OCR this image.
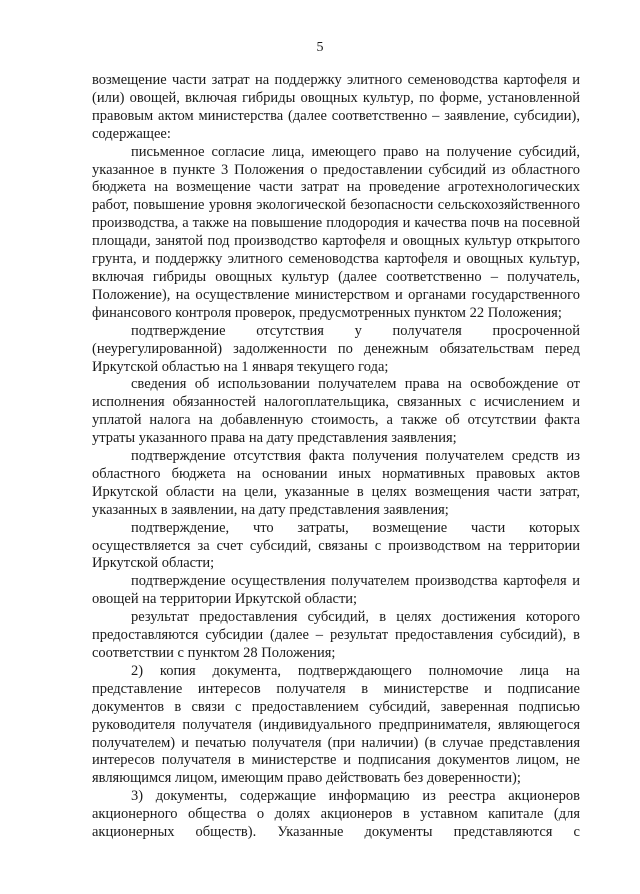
5

возмещение части затрат на поддержку элитного семеноводства картофеля и (или) овощей, включая гибриды овощных культур, по форме, установленной правовым актом министерства (далее соответственно – заявление, субсидии), содержащее:

письменное согласие лица, имеющего право на получение субсидий, указанное в пункте 3 Положения о предоставлении субсидий из областного бюджета на возмещение части затрат на проведение агротехнологических работ, повышение уровня экологической безопасности сельскохозяйственного производства, а также на повышение плодородия и качества почв на посевной площади, занятой под производство картофеля и овощных культур открытого грунта, и поддержку элитного семеноводства картофеля и овощных культур, включая гибриды овощных культур (далее соответственно – получатель, Положение), на осуществление министерством и органами государственного финансового контроля проверок, предусмотренных пунктом 22 Положения;

подтверждение отсутствия у получателя просроченной (неурегулированной) задолженности по денежным обязательствам перед Иркутской областью на 1 января текущего года;

сведения об использовании получателем права на освобождение от исполнения обязанностей налогоплательщика, связанных с исчислением и уплатой налога на добавленную стоимость, а также об отсутствии факта утраты указанного права на дату представления заявления;

подтверждение отсутствия факта получения получателем средств из областного бюджета на основании иных нормативных правовых актов Иркутской области на цели, указанные в целях возмещения части затрат, указанных в заявлении, на дату представления заявления;

подтверждение, что затраты, возмещение части которых осуществляется за счет субсидий, связаны с производством на территории Иркутской области;

подтверждение осуществления получателем производства картофеля и овощей на территории Иркутской области;

результат предоставления субсидий, в целях достижения которого предоставляются субсидии (далее – результат предоставления субсидий), в соответствии с пунктом 28 Положения;

2) копия документа, подтверждающего полномочие лица на представление интересов получателя в министерстве и подписание документов в связи с предоставлением субсидий, заверенная подписью руководителя получателя (индивидуального предпринимателя, являющегося получателем) и печатью получателя (при наличии) (в случае представления интересов получателя в министерстве и подписания документов лицом, не являющимся лицом, имеющим право действовать без доверенности);

3) документы, содержащие информацию из реестра акционеров акционерного общества о долях акционеров в уставном капитале (для акционерных обществ). Указанные документы представляются с
